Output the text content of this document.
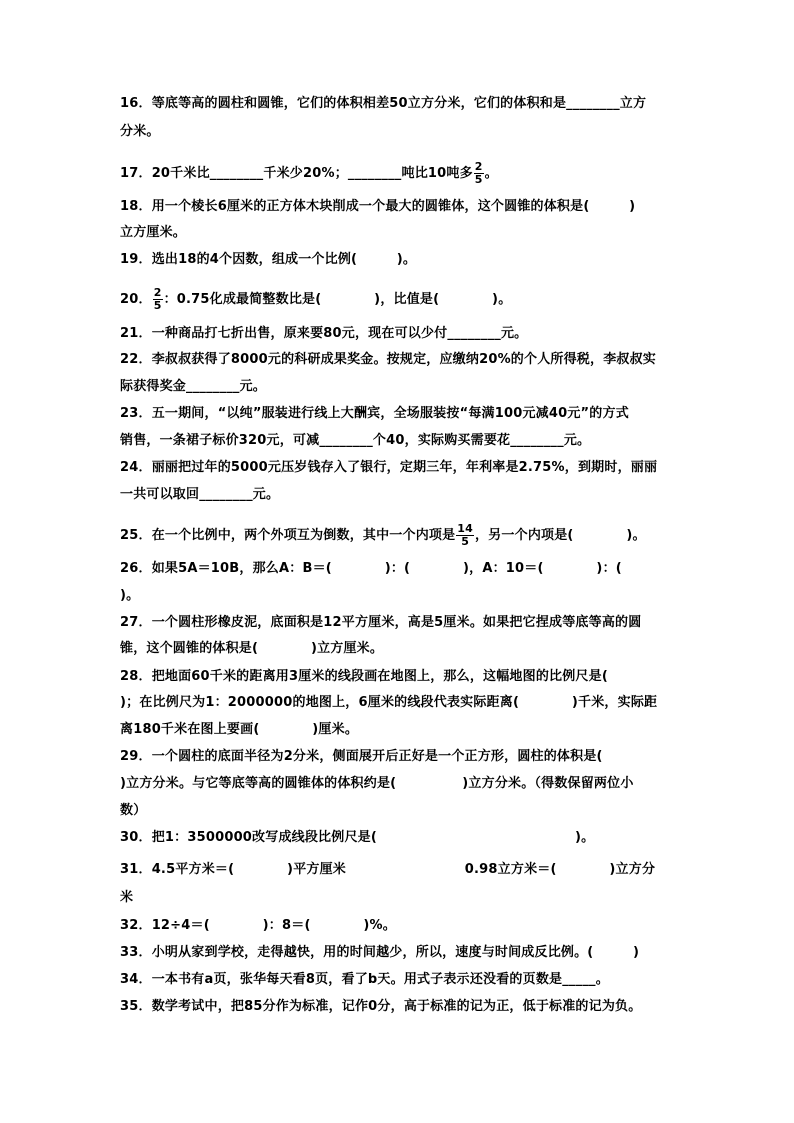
16．等底等高的圆柱和圆锥，它们的体积相差50立方分米，它们的体积和是________立方
分米。
17．20千米比________千米少20%；________吨比10吨多 $\frac{2}{5}$ 。
18．用一个棱长6厘米的正方体木块削成一个最大的圆锥体，这个圆锥的体积是(　　　)
立方厘米。
19．选出18的4个因数，组成一个比例(　　　)。
20． $\frac{2}{5}$ ：0.75化成最简整数比是(　　　　)，比值是(　　　　)。
21．一种商品打七折出售，原来要80元，现在可以少付________元。
22．李叔叔获得了8000元的科研成果奖金。按规定，应缴纳20%的个人所得税，李叔叔实
际获得奖金________元。
23．五一期间，“以纯”服装进行线上大酬宾，全场服装按“每满100元减40元”的方式
销售，一条裙子标价320元，可减________个40，实际购买需要花________元。
24．丽丽把过年的5000元压岁钱存入了银行，定期三年，年利率是2.75%，到期时，丽丽
一共可以取回________元。
25．在一个比例中，两个外项互为倒数，其中一个内项是 $\frac{14}{5}$ ，另一个内项是(　　　　)。
26．如果5A＝10B，那么A：B＝(　　　　)：(　　　　)，A：10＝(　　　　)：(
)。
27．一个圆柱形橡皮泥，底面积是12平方厘米，高是5厘米。如果把它捏成等底等高的圆
锥，这个圆锥的体积是(　　　　)立方厘米。
28．把地面60千米的距离用3厘米的线段画在地图上，那么，这幅地图的比例尺是(
)；在比例尺为1：2000000的地图上，6厘米的线段代表实际距离(　　　　)千米，实际距
离180千米在图上要画(　　　　)厘米。
29．一个圆柱的底面半径为2分米，侧面展开后正好是一个正方形，圆柱的体积是(
)立方分米。与它等底等高的圆锥体的体积约是(　　　　　)立方分米。（得数保留两位小
数）
30．把1：3500000改写成线段比例尺是(　　　　　　　　　　　　　　　)。
31．4.5平方米＝(　　　　)平方厘米　　　　　　　　　0.98立方米＝(　　　　)立方分
米
32．12÷4＝(　　　　)：8＝(　　　　)%。
33．小明从家到学校，走得越快，用的时间越少，所以，速度与时间成反比例。(　　　)
34．一本书有a页，张华每天看8页，看了b天。用式子表示还没看的页数是_____。
35．数学考试中，把85分作为标准，记作0分，高于标准的记为正，低于标准的记为负。
